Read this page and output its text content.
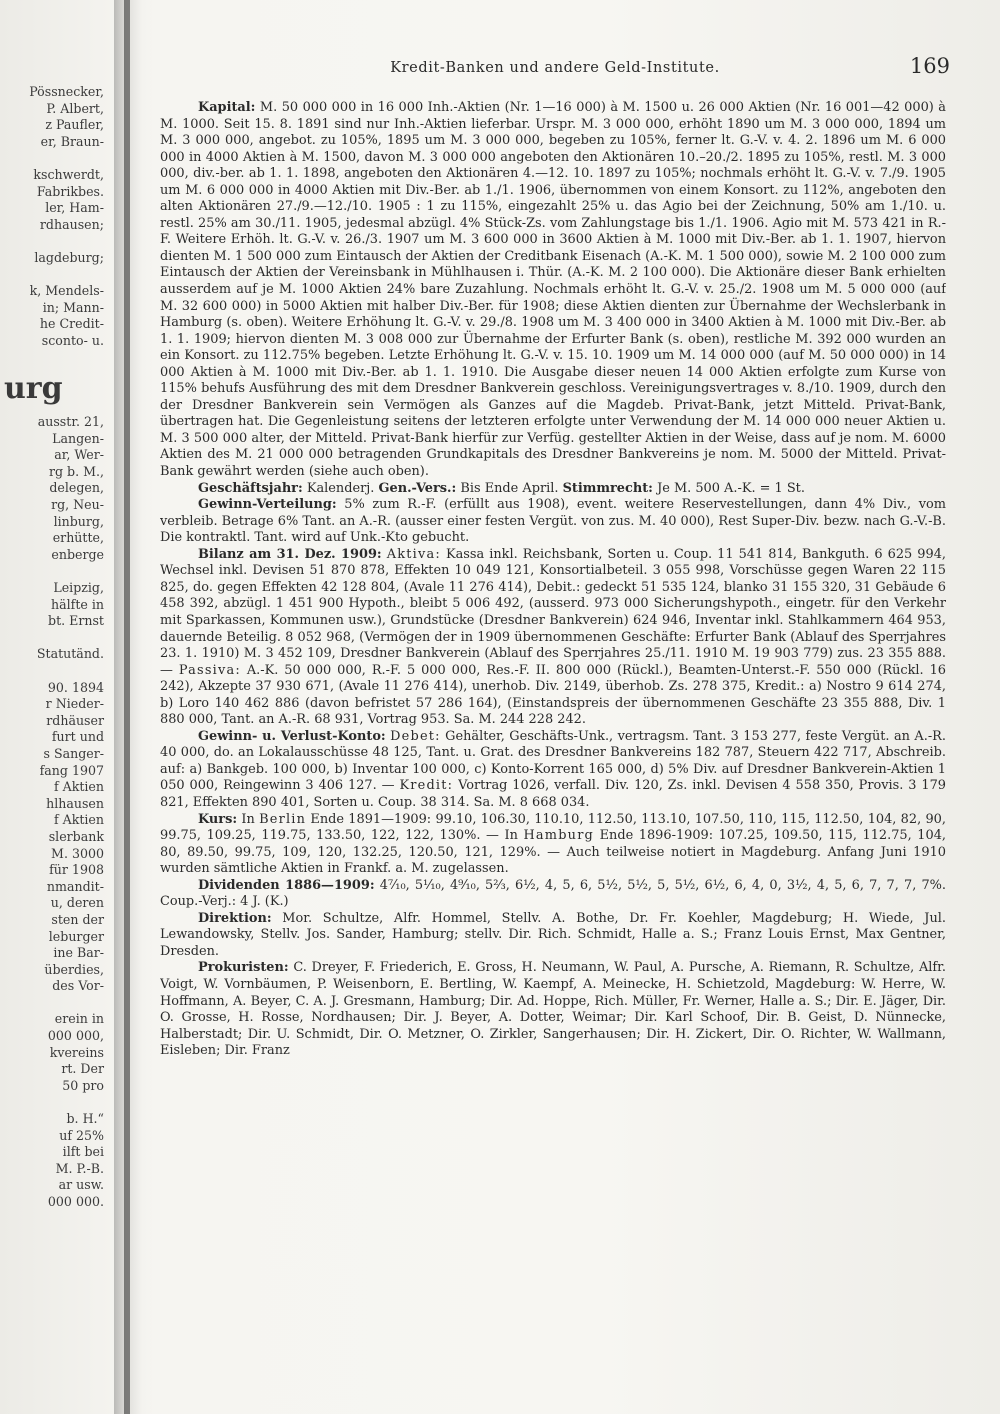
Pössnecker,
P. Albert,
z Paufler,
er, Braun-
kschwerdt,
Fabrikbes.
ler, Ham-
rdhausen;
lagdeburg;
k, Mendels-
in; Mann-
he Credit-
sconto- u.
urg
ausstr. 21,
Langen-
ar, Wer-
rg b. M.,
delegen,
rg, Neu-
linburg,
erhütte,
enberge
Leipzig,
hälfte in
bt. Ernst
Statutänd.
90. 1894
r Nieder-
rdhäuser
furt und
s Sanger-
fang 1907
f Aktien
hlhausen
f Aktien
slerbank
M. 3000
für 1908
nmandit-
u, deren
sten der
leburger
ine Bar-
überdies,
des Vor-
erein in
000 000,
kvereins
rt. Der
50 pro
b. H.“
uf 25%
ilft bei
M. P.-B.
ar usw.
000 000.
Kredit-Banken und andere Geld-Institute.	169

Kapital: M. 50 000 000 in 16 000 Inh.-Aktien (Nr. 1—16 000) à M. 1500 u. 26 000 Aktien (Nr. 16 001—42 000) à M. 1000. Seit 15. 8. 1891 sind nur Inh.-Aktien lieferbar. Urspr. M. 3 000 000, erhöht 1890 um M. 3 000 000, 1894 um M. 3 000 000, angebot. zu 105%, 1895 um M. 3 000 000, begeben zu 105%, ferner lt. G.-V. v. 4. 2. 1896 um M. 6 000 000 in 4000 Aktien à M. 1500, davon M. 3 000 000 angeboten den Aktionären 10.–20./2. 1895 zu 105%, restl. M. 3 000 000, div.-ber. ab 1. 1. 1898, angeboten den Aktionären 4.—12. 10. 1897 zu 105%; nochmals erhöht lt. G.-V. v. 7./9. 1905 um M. 6 000 000 in 4000 Aktien mit Div.-Ber. ab 1./1. 1906, übernommen von einem Konsort. zu 112%, angeboten den alten Aktionären 27./9.—12./10. 1905 : 1 zu 115%, eingezahlt 25% u. das Agio bei der Zeichnung, 50% am 1./10. u. restl. 25% am 30./11. 1905, jedesmal abzügl. 4% Stück-Zs. vom Zahlungstage bis 1./1. 1906. Agio mit M. 573 421 in R.-F. Weitere Erhöh. lt. G.-V. v. 26./3. 1907 um M. 3 600 000 in 3600 Aktien à M. 1000 mit Div.-Ber. ab 1. 1. 1907, hiervon dienten M. 1 500 000 zum Eintausch der Aktien der Creditbank Eisenach (A.-K. M. 1 500 000), sowie M. 2 100 000 zum Eintausch der Aktien der Vereinsbank in Mühlhausen i. Thür. (A.-K. M. 2 100 000). Die Aktionäre dieser Bank erhielten ausserdem auf je M. 1000 Aktien 24% bare Zuzahlung. Nochmals erhöht lt. G.-V. v. 25./2. 1908 um M. 5 000 000 (auf M. 32 600 000) in 5000 Aktien mit halber Div.-Ber. für 1908; diese Aktien dienten zur Übernahme der Wechslerbank in Hamburg (s. oben). Weitere Erhöhung lt. G.-V. v. 29./8. 1908 um M. 3 400 000 in 3400 Aktien à M. 1000 mit Div.-Ber. ab 1. 1. 1909; hiervon dienten M. 3 008 000 zur Übernahme der Erfurter Bank (s. oben), restliche M. 392 000 wurden an ein Konsort. zu 112.75% begeben. Letzte Erhöhung lt. G.-V. v. 15. 10. 1909 um M. 14 000 000 (auf M. 50 000 000) in 14 000 Aktien à M. 1000 mit Div.-Ber. ab 1. 1. 1910. Die Ausgabe dieser neuen 14 000 Aktien erfolgte zum Kurse von 115% behufs Ausführung des mit dem Dresdner Bankverein geschloss. Vereinigungsvertrages v. 8./10. 1909, durch den der Dresdner Bankverein sein Vermögen als Ganzes auf die Magdeb. Privat-Bank, jetzt Mitteld. Privat-Bank, übertragen hat. Die Gegenleistung seitens der letzteren erfolgte unter Verwendung der M. 14 000 000 neuer Aktien u. M. 3 500 000 alter, der Mitteld. Privat-Bank hierfür zur Verfüg. gestellter Aktien in der Weise, dass auf je nom. M. 6000 Aktien des M. 21 000 000 betragenden Grundkapitals des Dresdner Bankvereins je nom. M. 5000 der Mitteld. Privat-Bank gewährt werden (siehe auch oben).

Geschäftsjahr: Kalenderj. Gen.-Vers.: Bis Ende April. Stimmrecht: Je M. 500 A.-K. = 1 St.

Gewinn-Verteilung: 5% zum R.-F. (erfüllt aus 1908), event. weitere Reservestellungen, dann 4% Div., vom verbleib. Betrage 6% Tant. an A.-R. (ausser einer festen Vergüt. von zus. M. 40 000), Rest Super-Div. bezw. nach G.-V.-B. Die kontraktl. Tant. wird auf Unk.-Kto gebucht.

Bilanz am 31. Dez. 1909: Aktiva: Kassa inkl. Reichsbank, Sorten u. Coup. 11 541 814, Bankguth. 6 625 994, Wechsel inkl. Devisen 51 870 878, Effekten 10 049 121, Konsortialbeteil. 3 055 998, Vorschüsse gegen Waren 22 115 825, do. gegen Effekten 42 128 804, (Avale 11 276 414), Debit.: gedeckt 51 535 124, blanko 31 155 320, 31 Gebäude 6 458 392, abzügl. 1 451 900 Hypoth., bleibt 5 006 492, (ausserd. 973 000 Sicherungshypoth., eingetr. für den Verkehr mit Sparkassen, Kommunen usw.), Grundstücke (Dresdner Bankverein) 624 946, Inventar inkl. Stahlkammern 464 953, dauernde Beteilig. 8 052 968, (Vermögen der in 1909 übernommenen Geschäfte: Erfurter Bank (Ablauf des Sperrjahres 23. 1. 1910) M. 3 452 109, Dresdner Bankverein (Ablauf des Sperrjahres 25./11. 1910 M. 19 903 779) zus. 23 355 888. — Passiva: A.-K. 50 000 000, R.-F. 5 000 000, Res.-F. II. 800 000 (Rückl.), Beamten-Unterst.-F. 550 000 (Rückl. 16 242), Akzepte 37 930 671, (Avale 11 276 414), unerhob. Div. 2149, überhob. Zs. 278 375, Kredit.: a) Nostro 9 614 274, b) Loro 140 462 886 (davon befristet 57 286 164), (Einstandspreis der übernommenen Geschäfte 23 355 888, Div. 1 880 000, Tant. an A.-R. 68 931, Vortrag 953. Sa. M. 244 228 242.

Gewinn- u. Verlust-Konto: Debet: Gehälter, Geschäfts-Unk., vertragsm. Tant. 3 153 277, feste Vergüt. an A.-R. 40 000, do. an Lokalausschüsse 48 125, Tant. u. Grat. des Dresdner Bankvereins 182 787, Steuern 422 717, Abschreib. auf: a) Bankgeb. 100 000, b) Inventar 100 000, c) Konto-Korrent 165 000, d) 5% Div. auf Dresdner Bankverein-Aktien 1 050 000, Reingewinn 3 406 127. — Kredit: Vortrag 1026, verfall. Div. 120, Zs. inkl. Devisen 4 558 350, Provis. 3 179 821, Effekten 890 401, Sorten u. Coup. 38 314. Sa. M. 8 668 034.

Kurs: In Berlin Ende 1891—1909: 99.10, 106.30, 110.10, 112.50, 113.10, 107.50, 110, 115, 112.50, 104, 82, 90, 99.75, 109.25, 119.75, 133.50, 122, 122, 130%. — In Hamburg Ende 1896-1909: 107.25, 109.50, 115, 112.75, 104, 80, 89.50, 99.75, 109, 120, 132.25, 120.50, 121, 129%. — Auch teilweise notiert in Magdeburg. Anfang Juni 1910 wurden sämtliche Aktien in Frankf. a. M. zugelassen.

Dividenden 1886—1909: 4⁷⁄₁₀, 5¹⁄₁₀, 4⁹⁄₁₀, 5²⁄₃, 6¹⁄₂, 4, 5, 6, 5¹⁄₂, 5¹⁄₂, 5, 5¹⁄₂, 6¹⁄₂, 6, 4, 0, 3¹⁄₂, 4, 5, 6, 7, 7, 7, 7%. Coup.-Verj.: 4 J. (K.)

Direktion: Mor. Schultze, Alfr. Hommel, Stellv. A. Bothe, Dr. Fr. Koehler, Magdeburg; H. Wiede, Jul. Lewandowsky, Stellv. Jos. Sander, Hamburg; stellv. Dir. Rich. Schmidt, Halle a. S.; Franz Louis Ernst, Max Gentner, Dresden.

Prokuristen: C. Dreyer, F. Friederich, E. Gross, H. Neumann, W. Paul, A. Pursche, A. Riemann, R. Schultze, Alfr. Voigt, W. Vornbäumen, P. Weisenborn, E. Bertling, W. Kaempf, A. Meinecke, H. Schietzold, Magdeburg: W. Herre, W. Hoffmann, A. Beyer, C. A. J. Gresmann, Hamburg; Dir. Ad. Hoppe, Rich. Müller, Fr. Werner, Halle a. S.; Dir. E. Jäger, Dir. O. Grosse, H. Rosse, Nordhausen; Dir. J. Beyer, A. Dotter, Weimar; Dir. Karl Schoof, Dir. B. Geist, D. Nünnecke, Halberstadt; Dir. U. Schmidt, Dir. O. Metzner, O. Zirkler, Sangerhausen; Dir. H. Zickert, Dir. O. Richter, W. Wallmann, Eisleben; Dir. Franz
